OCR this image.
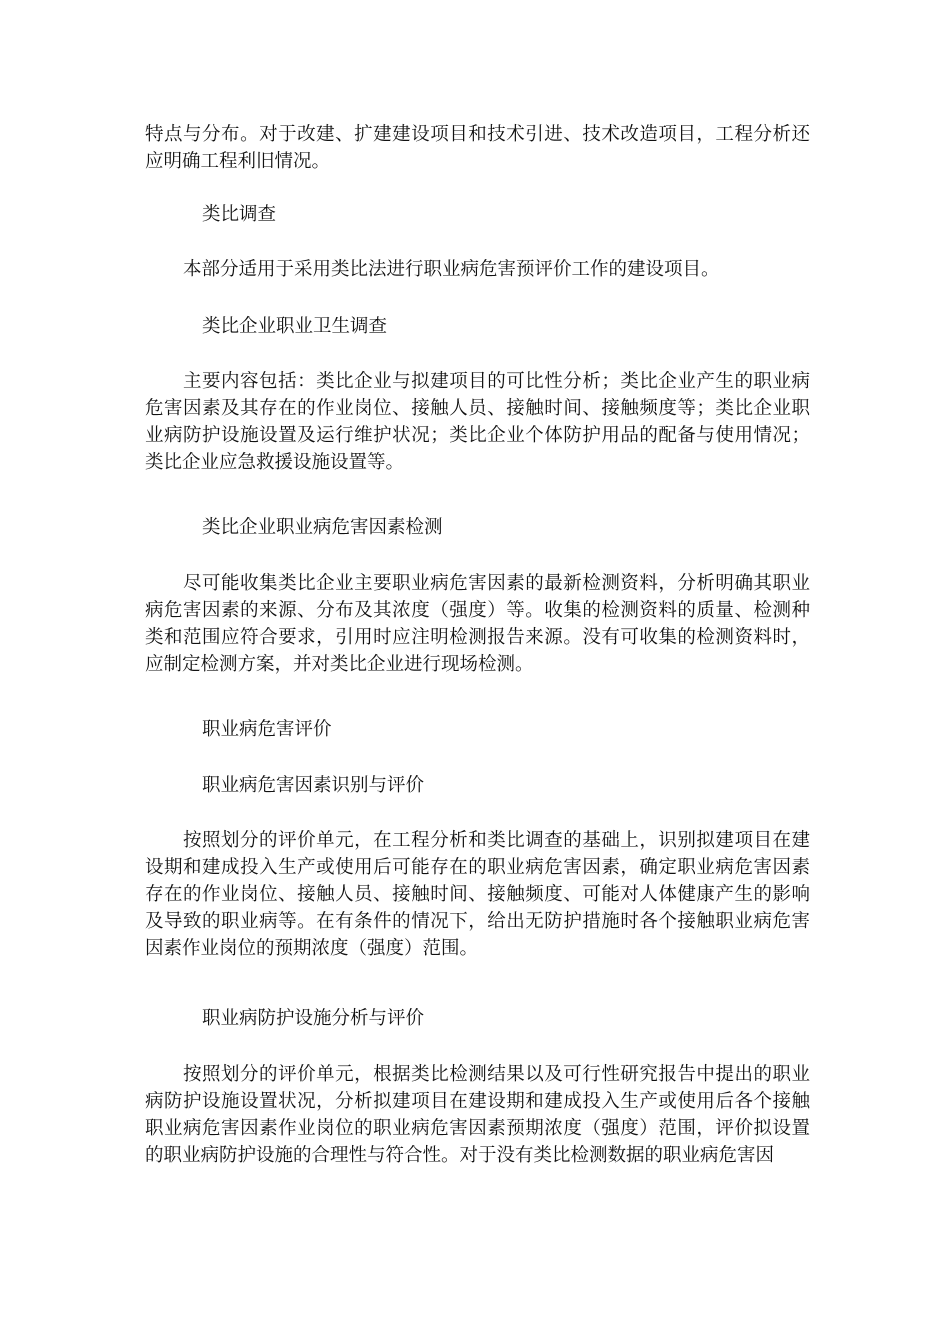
特点与分布。对于改建、扩建建设项目和技术引进、技术改造项目，工程分析还应明确工程利旧情况。

类比调查

本部分适用于采用类比法进行职业病危害预评价工作的建设项目。

类比企业职业卫生调查

主要内容包括：类比企业与拟建项目的可比性分析；类比企业产生的职业病危害因素及其存在的作业岗位、接触人员、接触时间、接触频度等；类比企业职业病防护设施设置及运行维护状况；类比企业个体防护用品的配备与使用情况；类比企业应急救援设施设置等。

类比企业职业病危害因素检测

尽可能收集类比企业主要职业病危害因素的最新检测资料，分析明确其职业病危害因素的来源、分布及其浓度（强度）等。收集的检测资料的质量、检测种类和范围应符合要求，引用时应注明检测报告来源。没有可收集的检测资料时，应制定检测方案，并对类比企业进行现场检测。

职业病危害评价

职业病危害因素识别与评价

按照划分的评价单元，在工程分析和类比调查的基础上，识别拟建项目在建设期和建成投入生产或使用后可能存在的职业病危害因素，确定职业病危害因素存在的作业岗位、接触人员、接触时间、接触频度、可能对人体健康产生的影响及导致的职业病等。在有条件的情况下，给出无防护措施时各个接触职业病危害因素作业岗位的预期浓度（强度）范围。

职业病防护设施分析与评价

按照划分的评价单元，根据类比检测结果以及可行性研究报告中提出的职业病防护设施设置状况，分析拟建项目在建设期和建成投入生产或使用后各个接触职业病危害因素作业岗位的职业病危害因素预期浓度（强度）范围，评价拟设置的职业病防护设施的合理性与符合性。对于没有类比检测数据的职业病危害因
